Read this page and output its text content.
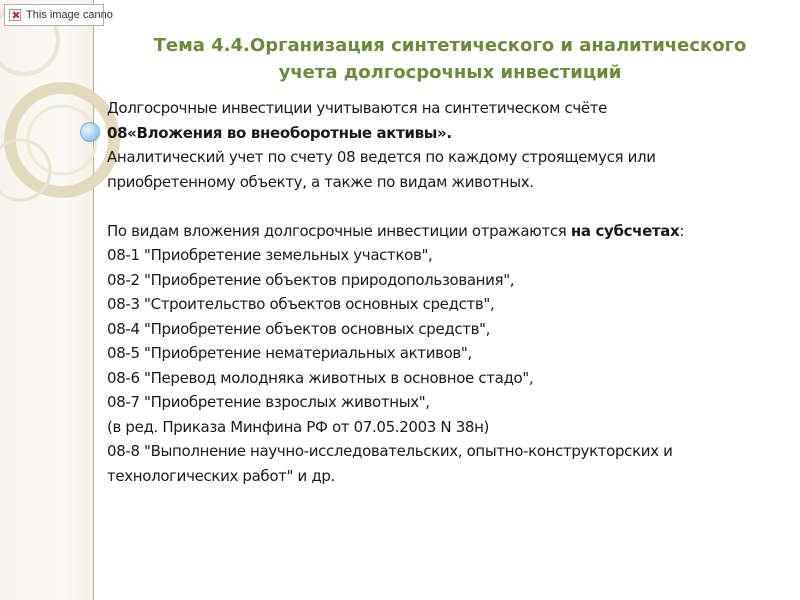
This image canno
Тема 4.4.Организация синтетического и аналитического
учета долгосрочных инвестиций
Долгосрочные инвестиции учитываются на синтетическом счёте
08«Вложения во внеоборотные активы».
Аналитический учет по счету 08 ведется по каждому строящемуся или
приобретенному объекту, а также по видам животных.
По видам вложения долгосрочные инвестиции отражаются на субсчетах:
08-1 "Приобретение земельных участков",
08-2 "Приобретение объектов природопользования",
08-3 "Строительство объектов основных средств",
08-4 "Приобретение объектов основных средств",
08-5 "Приобретение нематериальных активов",
08-6 "Перевод молодняка животных в основное стадо",
08-7 "Приобретение взрослых животных",
(в ред. Приказа Минфина РФ от 07.05.2003 N 38н)
08-8 "Выполнение научно-исследовательских, опытно-конструкторских и
технологических работ" и др.
